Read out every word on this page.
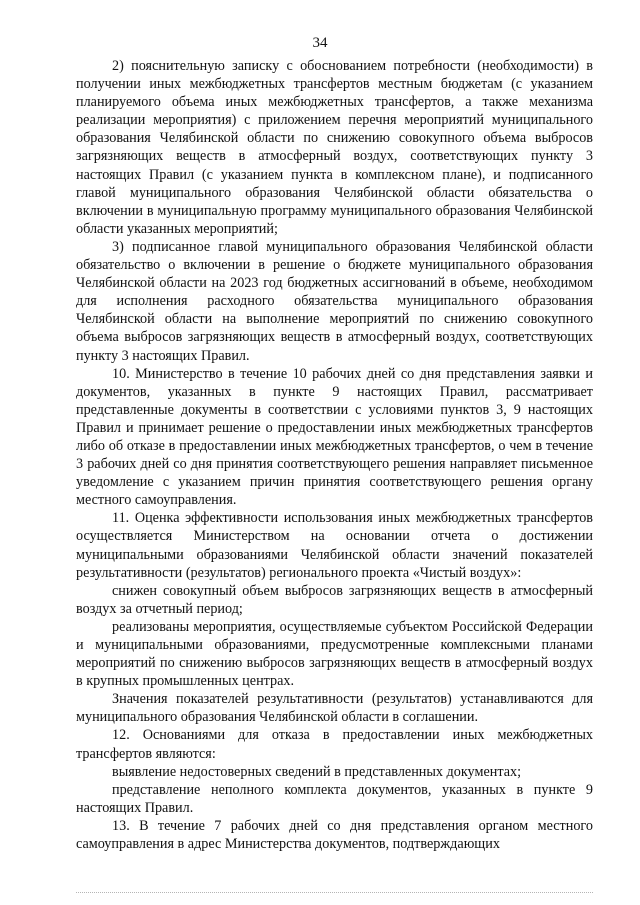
34

2) пояснительную записку с обоснованием потребности (необходимости) в получении иных межбюджетных трансфертов местным бюджетам (с указанием планируемого объема иных межбюджетных трансфертов, а также механизма реализации мероприятия) с приложением перечня мероприятий муниципального образования Челябинской области по снижению совокупного объема выбросов загрязняющих веществ в атмосферный воздух, соответствующих пункту 3 настоящих Правил (с указанием пункта в комплексном плане), и подписанного главой муниципального образования Челябинской области обязательства о включении в муниципальную программу муниципального образования Челябинской области указанных мероприятий;

3) подписанное главой муниципального образования Челябинской области обязательство о включении в решение о бюджете муниципального образования Челябинской области на 2023 год бюджетных ассигнований в объеме, необходимом для исполнения расходного обязательства муниципального образования Челябинской области на выполнение мероприятий по снижению совокупного объема выбросов загрязняющих веществ в атмосферный воздух, соответствующих пункту 3 настоящих Правил.

10. Министерство в течение 10 рабочих дней со дня представления заявки и документов, указанных в пункте 9 настоящих Правил, рассматривает представленные документы в соответствии с условиями пунктов 3, 9 настоящих Правил и принимает решение о предоставлении иных межбюджетных трансфертов либо об отказе в предоставлении иных межбюджетных трансфертов, о чем в течение 3 рабочих дней со дня принятия соответствующего решения направляет письменное уведомление с указанием причин принятия соответствующего решения органу местного самоуправления.

11. Оценка эффективности использования иных межбюджетных трансфертов осуществляется Министерством на основании отчета о достижении муниципальными образованиями Челябинской области значений показателей результативности (результатов) регионального проекта «Чистый воздух»:

снижен совокупный объем выбросов загрязняющих веществ в атмосферный воздух за отчетный период;

реализованы мероприятия, осуществляемые субъектом Российской Федерации и муниципальными образованиями, предусмотренные комплексными планами мероприятий по снижению выбросов загрязняющих веществ в атмосферный воздух в крупных промышленных центрах.

Значения показателей результативности (результатов) устанавливаются для муниципального образования Челябинской области в соглашении.

12. Основаниями для отказа в предоставлении иных межбюджетных трансфертов являются:

выявление недостоверных сведений в представленных документах;

представление неполного комплекта документов, указанных в пункте 9 настоящих Правил.

13. В течение 7 рабочих дней со дня представления органом местного самоуправления в адрес Министерства документов, подтверждающих
